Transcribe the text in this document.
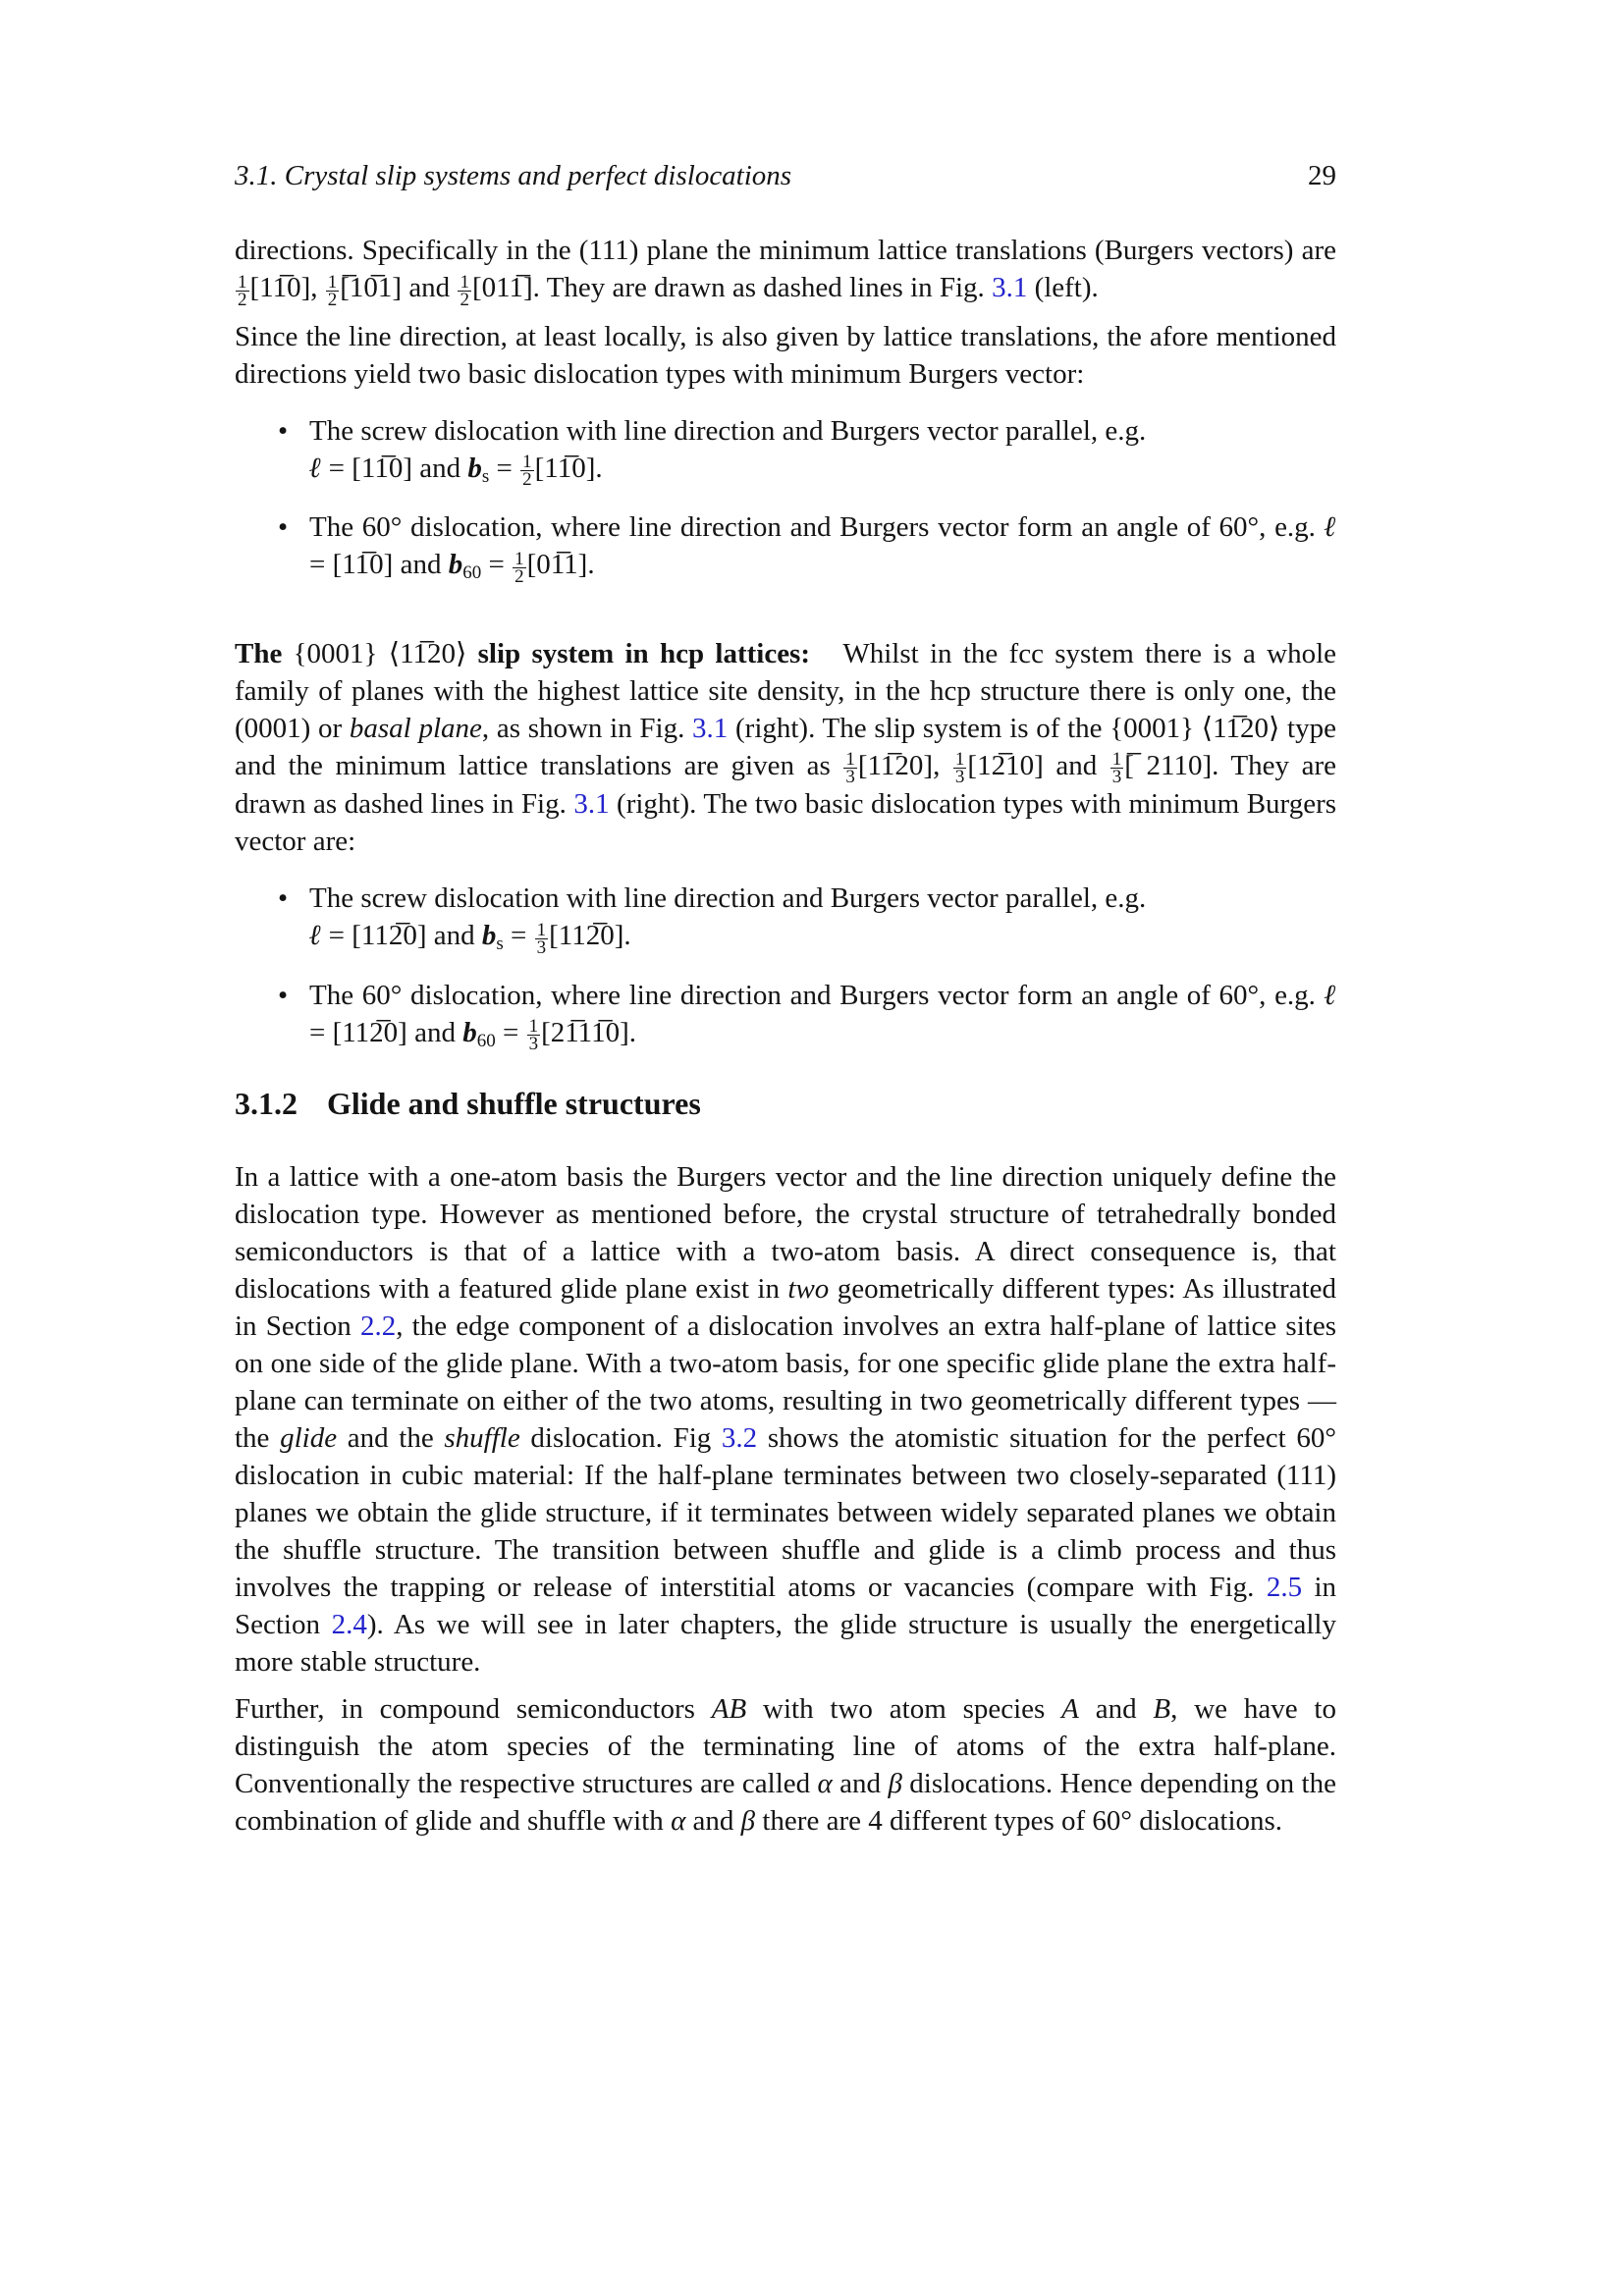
3.1. Crystal slip systems and perfect dislocations	29

directions. Specifically in the (111) plane the minimum lattice translations (Burgers vectors) are
$\frac{1}{2}$ [11̅0], $\frac{1}{2}$ [̅10̅1] and $\frac{1}{2}$ [011̅]. They are drawn as dashed lines in Fig. 3.1 (left).

Since the line direction, at least locally, is also given by lattice translations, the afore mentioned directions yield two basic dislocation types with minimum Burgers vector:

• The screw dislocation with line direction and Burgers vector parallel, e.g.
ℓ = [11̅0] and $b_s = \frac{1}{2}$ [11̅0].
• The 60° dislocation, where line direction and Burgers vector form an angle of 60°, e.g. ℓ = [11̅0] and $b_{60} = \frac{1}{2}$ [01̅1].

The {0001} ⟨11̅20⟩ slip system in hcp lattices: Whilst in the fcc system there is a whole family of planes with the highest lattice site density, in the hcp structure there is only one, the (0001) or basal plane, as shown in Fig. 3.1 (right). The slip system is of the {0001} ⟨11̅20⟩ type and the minimum lattice translations are given as $\frac{1}{3}$ [11̅20], $\frac{1}{3}$ [12̅10] and $\frac{1}{3}$ [̅ 2110]. They are drawn as dashed lines in Fig. 3.1 (right). The two basic dislocation types with minimum Burgers vector are:

• The screw dislocation with line direction and Burgers vector parallel, e.g.
ℓ = [112̅0] and $b_s = \frac{1}{3}$ [112̅0].
• The 60° dislocation, where line direction and Burgers vector form an angle of 60°, e.g. ℓ = [112̅0] and $b_{60} = \frac{1}{3}$ [21̅11̅0].
3.1.2 Glide and shuffle structures

In a lattice with a one-atom basis the Burgers vector and the line direction uniquely define the dislocation type. However as mentioned before, the crystal structure of tetrahedrally bonded semiconductors is that of a lattice with a two-atom basis. A direct consequence is, that dislocations with a featured glide plane exist in two geometrically different types: As illustrated in Section 2.2, the edge component of a dislocation involves an extra half-plane of lattice sites on one side of the glide plane. With a two-atom basis, for one specific glide plane the extra half-plane can terminate on either of the two atoms, resulting in two geometrically different types — the glide and the shuffle dislocation. Fig 3.2 shows the atomistic situation for the perfect 60° dislocation in cubic material: If the half-plane terminates between two closely-separated (111) planes we obtain the glide structure, if it terminates between widely separated planes we obtain the shuffle structure. The transition between shuffle and glide is a climb process and thus involves the trapping or release of interstitial atoms or vacancies (compare with Fig. 2.5 in Section 2.4). As we will see in later chapters, the glide structure is usually the energetically more stable structure.

Further, in compound semiconductors AB with two atom species A and B, we have to distinguish the atom species of the terminating line of atoms of the extra half-plane. Conventionally the respective structures are called α and β dislocations. Hence depending on the combination of glide and shuffle with α and β there are 4 different types of 60° dislocations.
